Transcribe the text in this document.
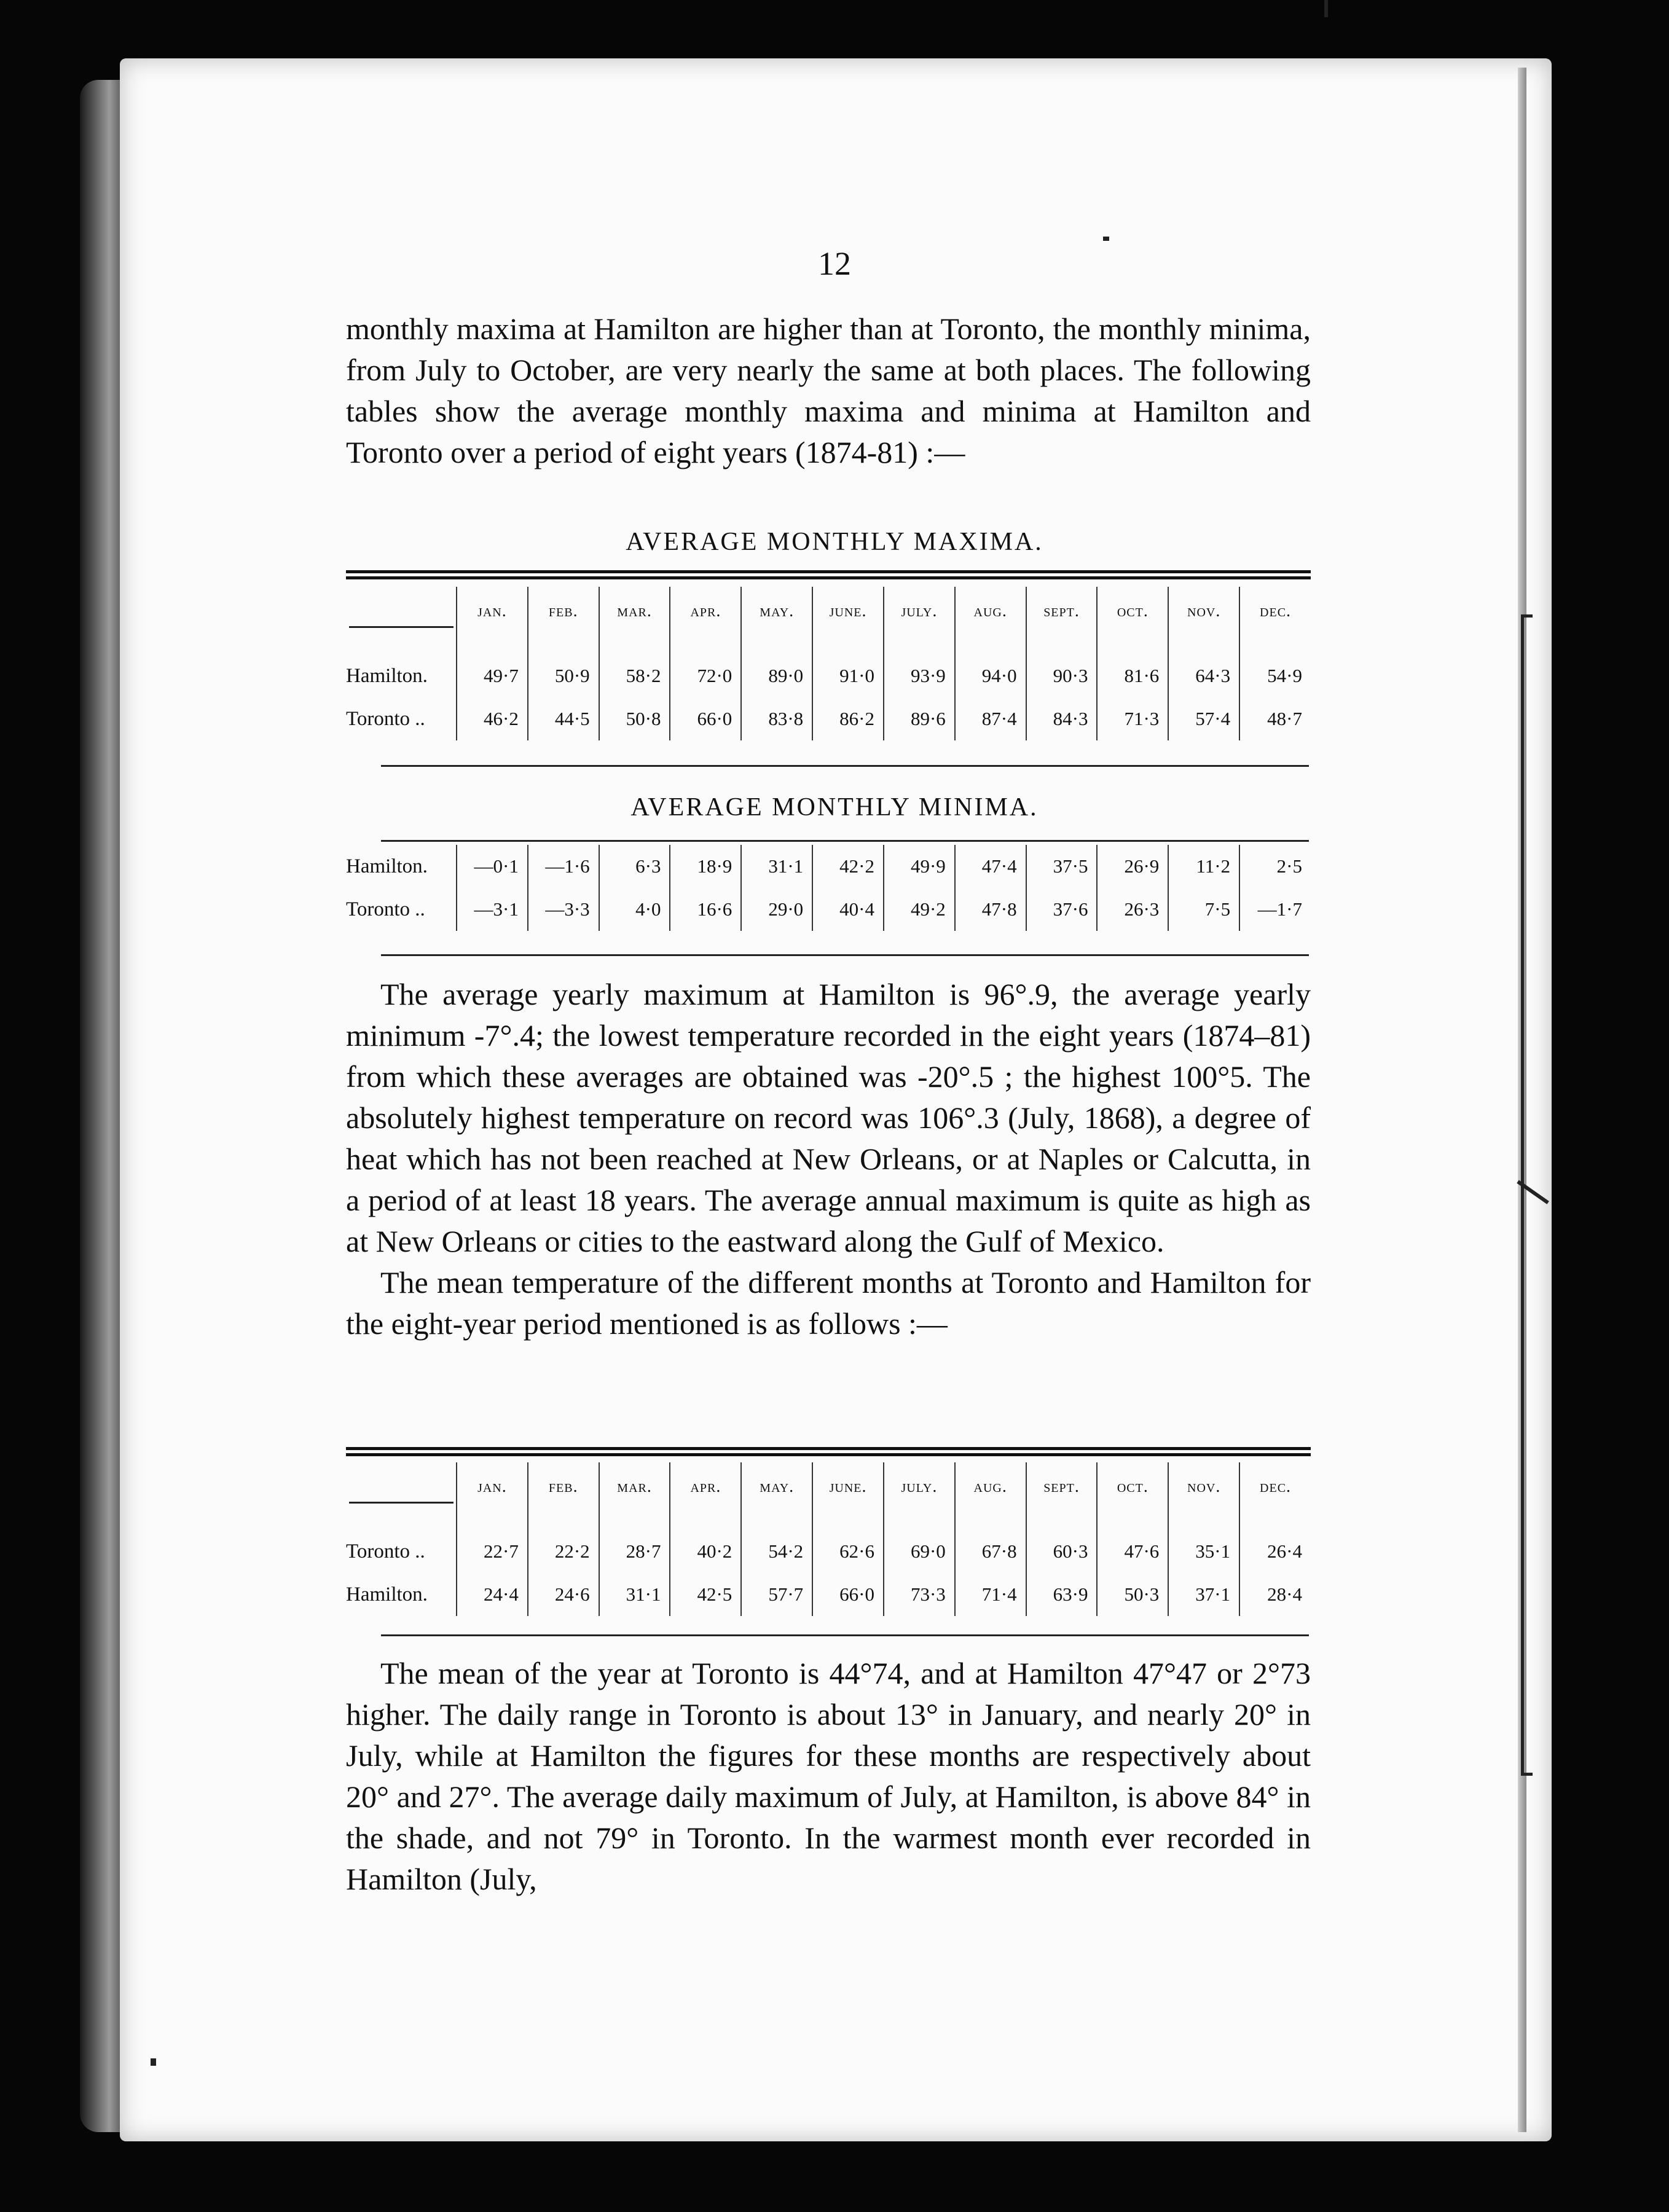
12

monthly maxima at Hamilton are higher than at Toronto, the monthly minima, from July to October, are very nearly the same at both places. The following tables show the average monthly maxima and minima at Hamilton and Toronto over a period of eight years (1874-81) :—

AVERAGE MONTHLY MAXIMA.
	jan.	feb.	mar.	apr.	may.	june.	july.	aug.	sept.	oct.	nov.	dec.

Hamilton.	49·7	50·9	58·2	72·0	89·0	91·0	93·9	94·0	90·3	81·6	64·3	54·9
Toronto ..	46·2	44·5	50·8	66·0	83·8	86·2	89·6	87·4	84·3	71·3	57·4	48·7
AVERAGE MONTHLY MINIMA.
Hamilton.	—0·1	—1·6	6·3	18·9	31·1	42·2	49·9	47·4	37·5	26·9	11·2	2·5
Toronto ..	—3·1	—3·3	4·0	16·6	29·0	40·4	49·2	47·8	37·6	26·3	7·5	—1·7

The average yearly maximum at Hamilton is 96°.9, the average yearly minimum -7°.4; the lowest temperature recorded in the eight years (1874–81) from which these averages are obtained was -20°.5 ; the highest 100°5. The absolutely highest temperature on record was 106°.3 (July, 1868), a degree of heat which has not been reached at New Orleans, or at Naples or Calcutta, in a period of at least 18 years. The average annual maximum is quite as high as at New Orleans or cities to the eastward along the Gulf of Mexico.

The mean temperature of the different months at Toronto and Hamilton for the eight-year period mentioned is as follows :—

	jan.	feb.	mar.	apr.	may.	june.	july.	aug.	sept.	oct.	nov.	dec.

Toronto ..	22·7	22·2	28·7	40·2	54·2	62·6	69·0	67·8	60·3	47·6	35·1	26·4
Hamilton.	24·4	24·6	31·1	42·5	57·7	66·0	73·3	71·4	63·9	50·3	37·1	28·4

The mean of the year at Toronto is 44°74, and at Hamilton 47°47 or 2°73 higher. The daily range in Toronto is about 13° in January, and nearly 20° in July, while at Hamilton the figures for these months are respectively about 20° and 27°. The average daily maximum of July, at Hamilton, is above 84° in the shade, and not 79° in Toronto. In the warmest month ever recorded in Hamilton (July,
